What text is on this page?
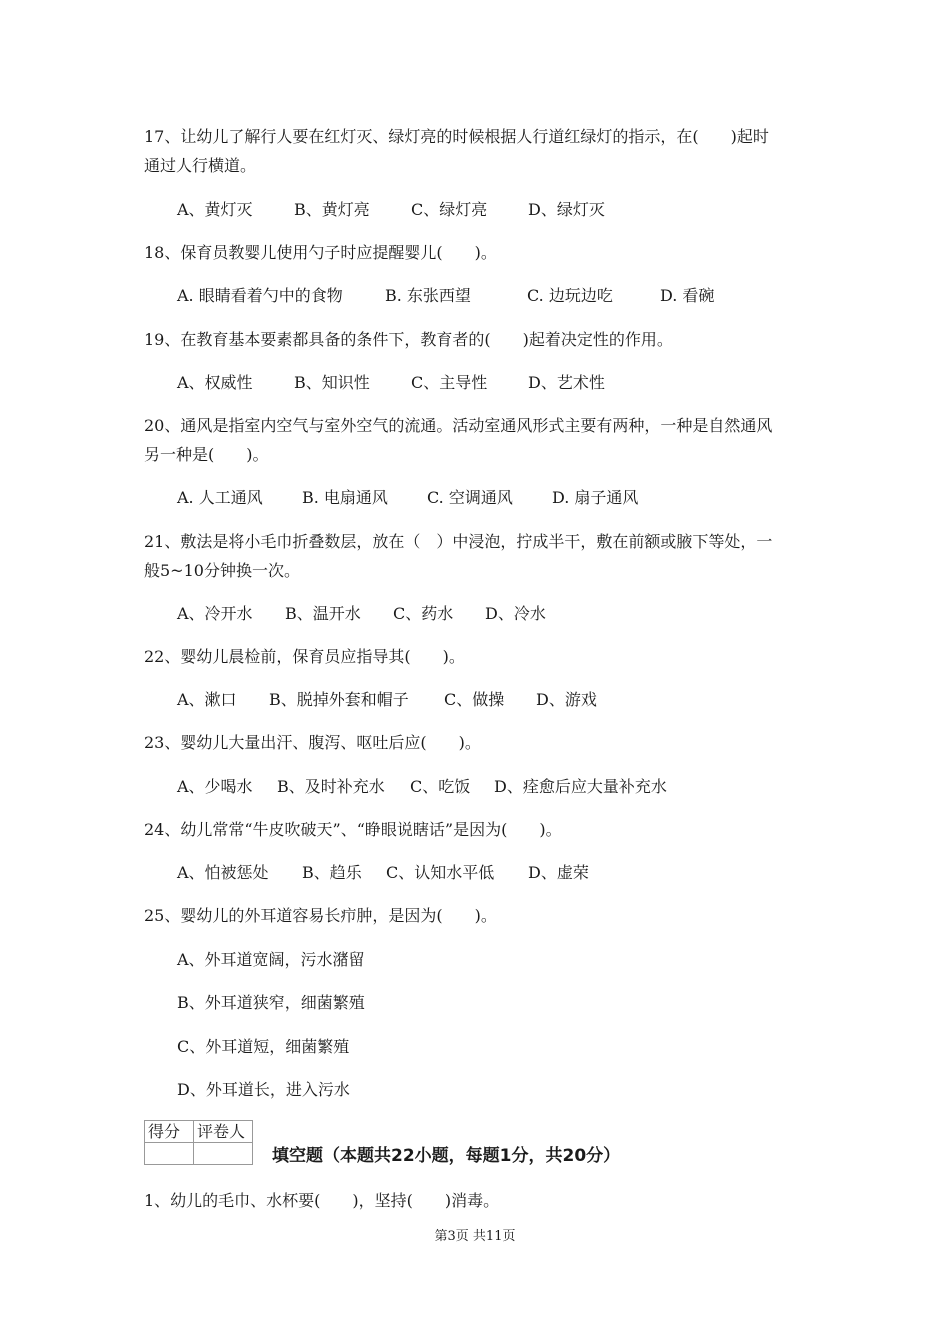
17、让幼儿了解行人要在红灯灭、绿灯亮的时候根据人行道红绿灯的指示，在(　　)起时
通过人行横道。
A、黄灯灭	B、黄灯亮	C、绿灯亮	D、绿灯灭
18、保育员教婴儿使用勺子时应提醒婴儿(　　)。
A. 眼睛看着勺中的食物	B. 东张西望	C. 边玩边吃	D. 看碗
19、在教育基本要素都具备的条件下，教育者的(　　)起着决定性的作用。
A、权威性	B、知识性	C、主导性	D、艺术性
20、通风是指室内空气与室外空气的流通。活动室通风形式主要有两种，一种是自然通风
另一种是(　　)。
A. 人工通风	B. 电扇通风	C. 空调通风	D. 扇子通风
21、敷法是将小毛巾折叠数层，放在（　）中浸泡，拧成半干，敷在前额或腋下等处，一
般5~10分钟换一次。
A、冷开水	B、温开水	C、药水	D、冷水
22、婴幼儿晨检前，保育员应指导其(　　)。
A、漱口	B、脱掉外套和帽子	C、做操	D、游戏
23、婴幼儿大量出汗、腹泻、呕吐后应(　　)。
A、少喝水	B、及时补充水	C、吃饭	D、痊愈后应大量补充水
24、幼儿常常“牛皮吹破天”、“睁眼说瞎话”是因为(　　)。
A、怕被惩处	B、趋乐	C、认知水平低	D、虚荣
25、婴幼儿的外耳道容易长疖肿，是因为(　　)。
A、外耳道宽阔，污水潴留
B、外耳道狭窄，细菌繁殖
C、外耳道短，细菌繁殖
D、外耳道长，进入污水
得分	评卷人

填空题（本题共22小题，每题1分，共20分）
1、幼儿的毛巾、水杯要(　　)，坚持(　　)消毒。
第3页 共11页
